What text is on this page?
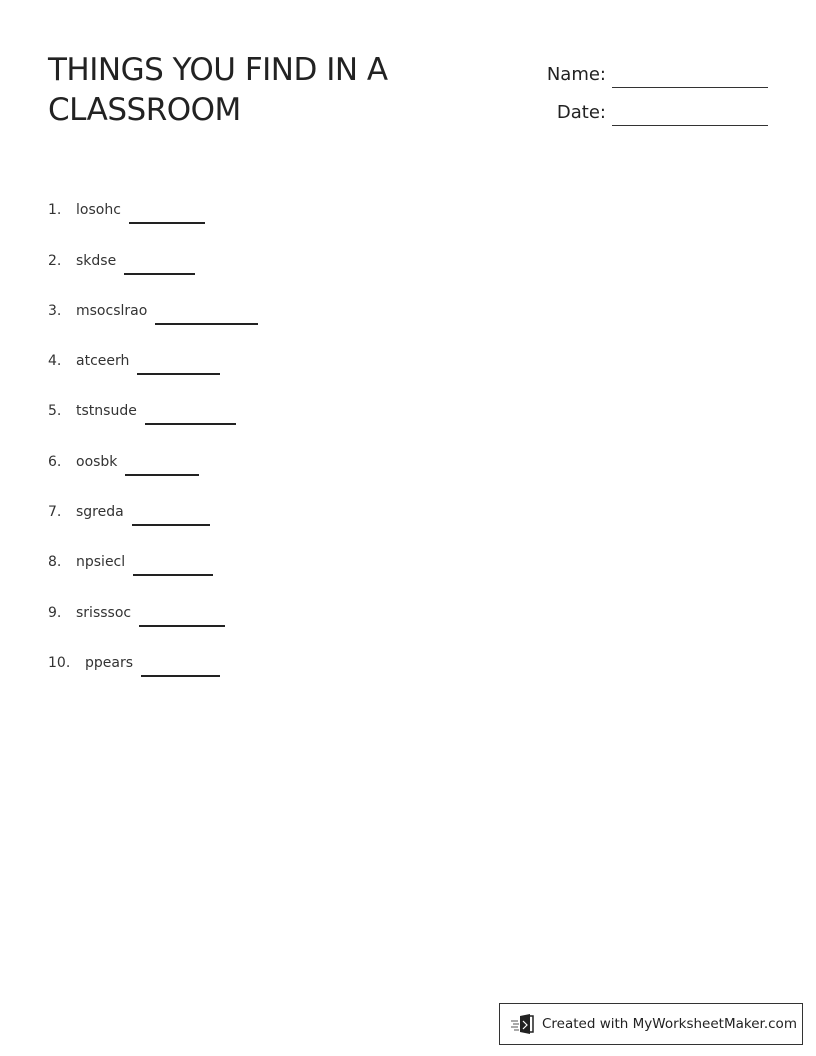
THINGS YOU FIND IN A CLASSROOM
Name:
Date:
1.	losohc
2.	skdse
3.	msocslrao
4.	atceerh
5.	tstnsude
6.	oosbk
7.	sgreda
8.	npsiecl
9.	srisssoc
10.	ppears
Created with MyWorksheetMaker.com
